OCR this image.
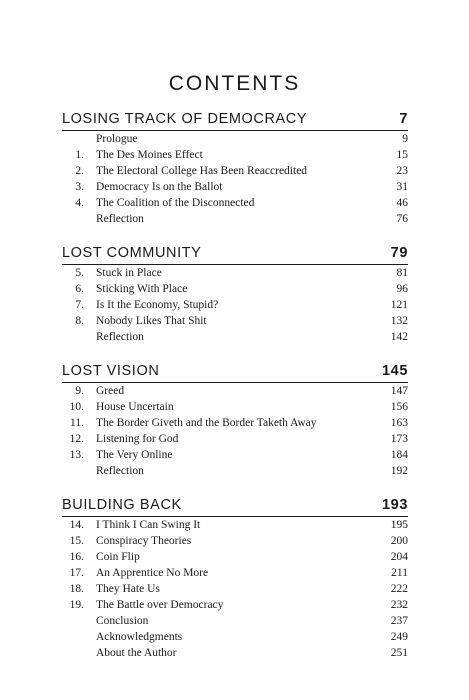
CONTENTS
LOSING TRACK OF DEMOCRACY	7
Prologue	9
1.	The Des Moines Effect	15
2.	The Electoral College Has Been Reaccredited	23
3.	Democracy Is on the Ballot	31
4.	The Coalition of the Disconnected	46
Reflection	76
LOST COMMUNITY	79
5.	Stuck in Place	81
6.	Sticking With Place	96
7.	Is It the Economy, Stupid?	121
8.	Nobody Likes That Shit	132
Reflection	142
LOST VISION	145
9.	Greed	147
10.	House Uncertain	156
11.	The Border Giveth and the Border Taketh Away	163
12.	Listening for God	173
13.	The Very Online	184
Reflection	192
BUILDING BACK	193
14.	I Think I Can Swing It	195
15.	Conspiracy Theories	200
16.	Coin Flip	204
17.	An Apprentice No More	211
18.	They Hate Us	222
19.	The Battle over Democracy	232
Conclusion	237
Acknowledgments	249
About the Author	251
